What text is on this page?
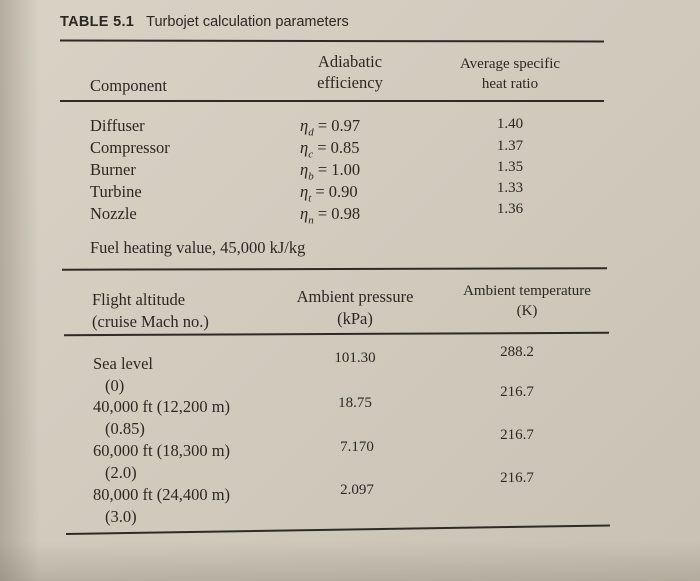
TABLE 5.1 Turbojet calculation parameters
Adiabatic
efficiency
Average specific
heat ratio
Component
Diffuser
Compressor
Burner
Turbine
Nozzle
$\eta_d = 0.97$
$\eta_c = 0.85$
$\eta_b = 1.00$
$\eta_t = 0.90$
$\eta_n = 0.98$
1.40
1.37
1.35
1.33
1.36
Fuel heating value, 45,000 kJ/kg
Flight altitude
(cruise Mach no.)
Ambient pressure
(kPa)
Ambient temperature
(K)
Sea level
(0)
40,000 ft (12,200 m)
(0.85)
60,000 ft (18,300 m)
(2.0)
80,000 ft (24,400 m)
(3.0)
101.30
18.75
7.170
2.097
288.2
216.7
216.7
216.7
